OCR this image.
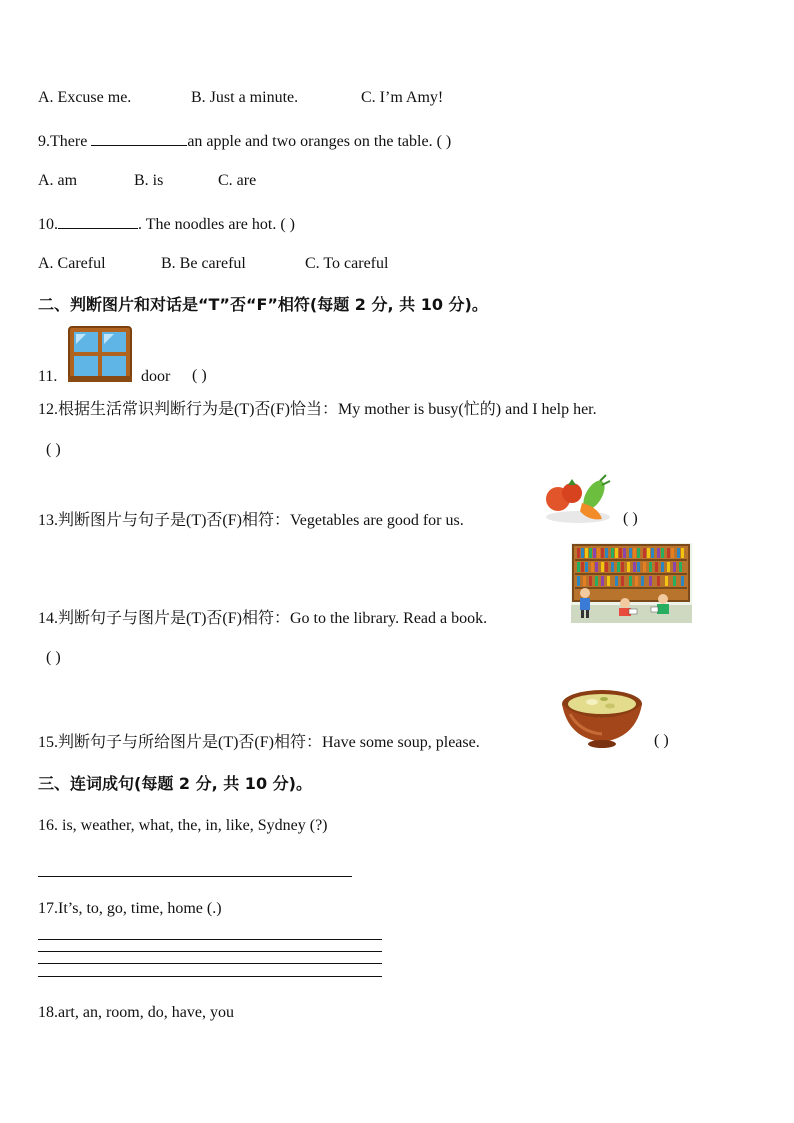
A. Excuse me.	B. Just a minute.	C. I’m Amy!
9.There	an apple and two oranges on the table. ( )
A. am	B. is	C. are
10.	. The noodles are hot. ( )
A. Careful	B. Be careful	C. To careful
二、判断图片和对话是“T”否“F”相符(每题 2 分, 共 10 分)。
11.	door ( )
12.根据生活常识判断行为是(T)否(F)恰当：My mother is busy(忙的) and I help her.
( )
13.判断图片与句子是(T)否(F)相符：Vegetables are good for us.	( )
14.判断句子与图片是(T)否(F)相符：Go to the library. Read a book.
( )
15.判断句子与所给图片是(T)否(F)相符：Have some soup, please.	( )
三、连词成句(每题 2 分, 共 10 分)。
16. is, weather, what, the, in, like, Sydney (?)
17.It’s, to, go, time, home (.)
18.art, an, room, do, have, you
